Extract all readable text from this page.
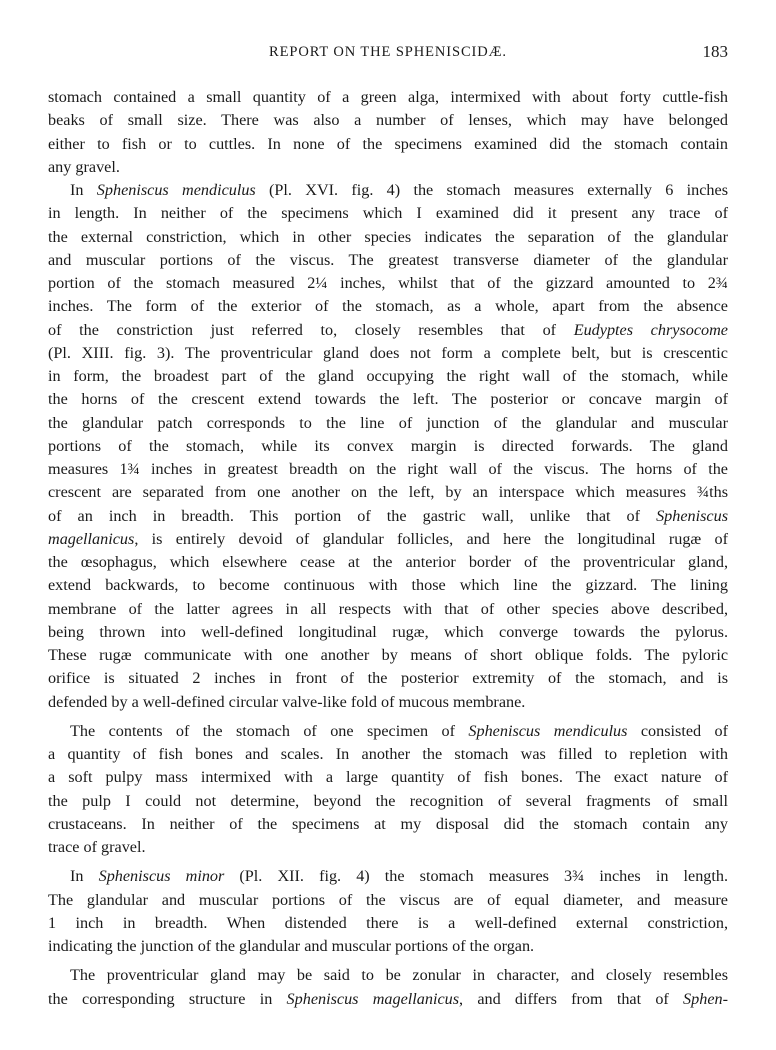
REPORT ON THE SPHENISCIDÆ.	183
stomach contained a small quantity of a green alga, intermixed with about forty cuttle-fish
beaks of small size. There was also a number of lenses, which may have belonged
either to fish or to cuttles. In none of the specimens examined did the stomach contain
any gravel.
In Spheniscus mendiculus (Pl. XVI. fig. 4) the stomach measures externally 6 inches
in length. In neither of the specimens which I examined did it present any trace of
the external constriction, which in other species indicates the separation of the glandular
and muscular portions of the viscus. The greatest transverse diameter of the glandular
portion of the stomach measured 2¼ inches, whilst that of the gizzard amounted to 2¾
inches. The form of the exterior of the stomach, as a whole, apart from the absence
of the constriction just referred to, closely resembles that of Eudyptes chrysocome
(Pl. XIII. fig. 3). The proventricular gland does not form a complete belt, but is crescentic
in form, the broadest part of the gland occupying the right wall of the stomach, while
the horns of the crescent extend towards the left. The posterior or concave margin of
the glandular patch corresponds to the line of junction of the glandular and muscular
portions of the stomach, while its convex margin is directed forwards. The gland
measures 1¾ inches in greatest breadth on the right wall of the viscus. The horns of the
crescent are separated from one another on the left, by an interspace which measures ¾ths
of an inch in breadth. This portion of the gastric wall, unlike that of Spheniscus
magellanicus, is entirely devoid of glandular follicles, and here the longitudinal rugæ of
the œsophagus, which elsewhere cease at the anterior border of the proventricular gland,
extend backwards, to become continuous with those which line the gizzard. The lining
membrane of the latter agrees in all respects with that of other species above described,
being thrown into well-defined longitudinal rugæ, which converge towards the pylorus.
These rugæ communicate with one another by means of short oblique folds. The pyloric
orifice is situated 2 inches in front of the posterior extremity of the stomach, and is
defended by a well-defined circular valve-like fold of mucous membrane.
The contents of the stomach of one specimen of Spheniscus mendiculus consisted of
a quantity of fish bones and scales. In another the stomach was filled to repletion with
a soft pulpy mass intermixed with a large quantity of fish bones. The exact nature of
the pulp I could not determine, beyond the recognition of several fragments of small
crustaceans. In neither of the specimens at my disposal did the stomach contain any
trace of gravel.
In Spheniscus minor (Pl. XII. fig. 4) the stomach measures 3¾ inches in length.
The glandular and muscular portions of the viscus are of equal diameter, and measure
1 inch in breadth. When distended there is a well-defined external constriction,
indicating the junction of the glandular and muscular portions of the organ.
The proventricular gland may be said to be zonular in character, and closely resembles
the corresponding structure in Spheniscus magellanicus, and differs from that of Sphen-
